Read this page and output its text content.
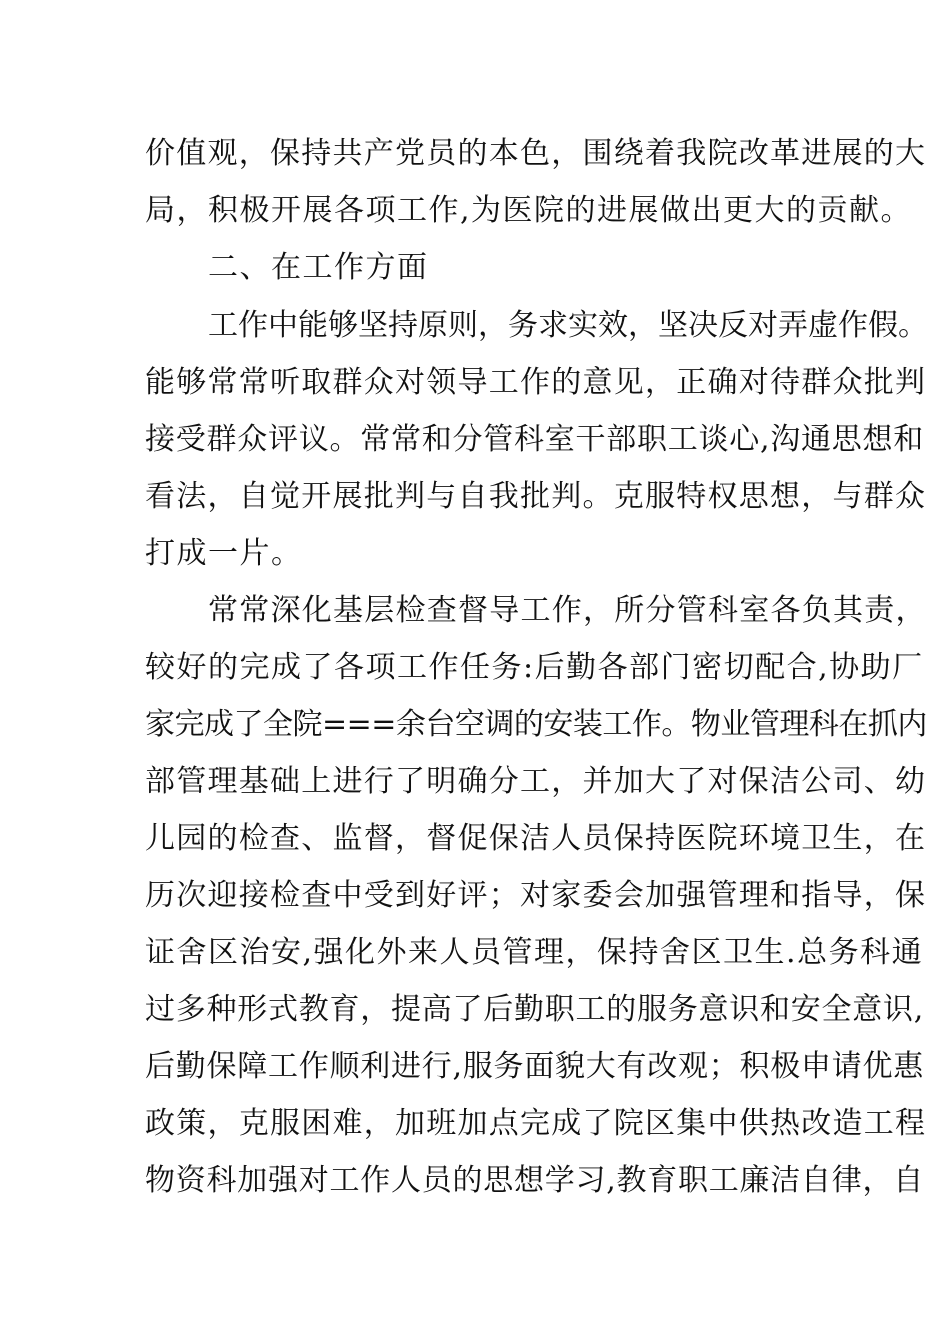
价值观，保持共产党员的本色，围绕着我院改革进展的大
局，积极开展各项工作,为医院的进展做出更大的贡献。
二、在工作方面
工作中能够坚持原则，务求实效，坚决反对弄虚作假。
能够常常听取群众对领导工作的意见，正确对待群众批判
接受群众评议。常常和分管科室干部职工谈心,沟通思想和
看法，自觉开展批判与自我批判。克服特权思想，与群众
打成一片。
常常深化基层检查督导工作，所分管科室各负其责，
较好的完成了各项工作任务:后勤各部门密切配合,协助厂
家完成了全院===余台空调的安装工作。物业管理科在抓内
部管理基础上进行了明确分工，并加大了对保洁公司、幼
儿园的检查、监督，督促保洁人员保持医院环境卫生，在
历次迎接检查中受到好评；对家委会加强管理和指导，保
证舍区治安,强化外来人员管理，保持舍区卫生.总务科通
过多种形式教育，提高了后勤职工的服务意识和安全意识,
后勤保障工作顺利进行,服务面貌大有改观；积极申请优惠
政策，克服困难，加班加点完成了院区集中供热改造工程
物资科加强对工作人员的思想学习,教育职工廉洁自律，自
